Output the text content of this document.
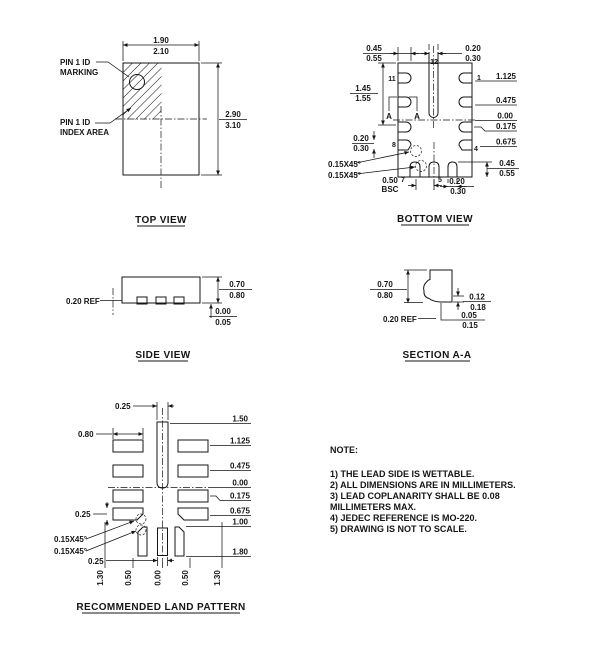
1.90
2.10
2.90
3.10
PIN 1 ID
MARKING
PIN 1 ID
INDEX AREA
TOP VIEW
0.45
0.55
0.20
0.30
1.45
1.55
A	A
0.20
0.30
11
12
1
4
8
7	5
1.125
0.475
0.00
0.175
0.675
0.45
0.55
0.15X45°
0.15X45°
0.50
BSC
0.20
0.30
BOTTOM VIEW
0.20 REF
0.70
0.80
0.00
0.05
SIDE VIEW
0.70
0.80
0.20 REF
0.12
0.18
0.05
0.15
SECTION A-A
0.25
0.80
0.25
0.15X45°
0.15X45°
0.25
1.30 0.50	0.00 0.50	1.30
1.50
1.125
0.475
0.00
0.175
0.675
1.00
1.80
RECOMMENDED LAND PATTERN
NOTE:
1) THE LEAD SIDE IS WETTABLE.
2) ALL DIMENSIONS ARE IN MILLIMETERS.
3) LEAD COPLANARITY SHALL BE 0.08
MILLIMETERS MAX.
4) JEDEC REFERENCE IS MO-220.
5) DRAWING IS NOT TO SCALE.
